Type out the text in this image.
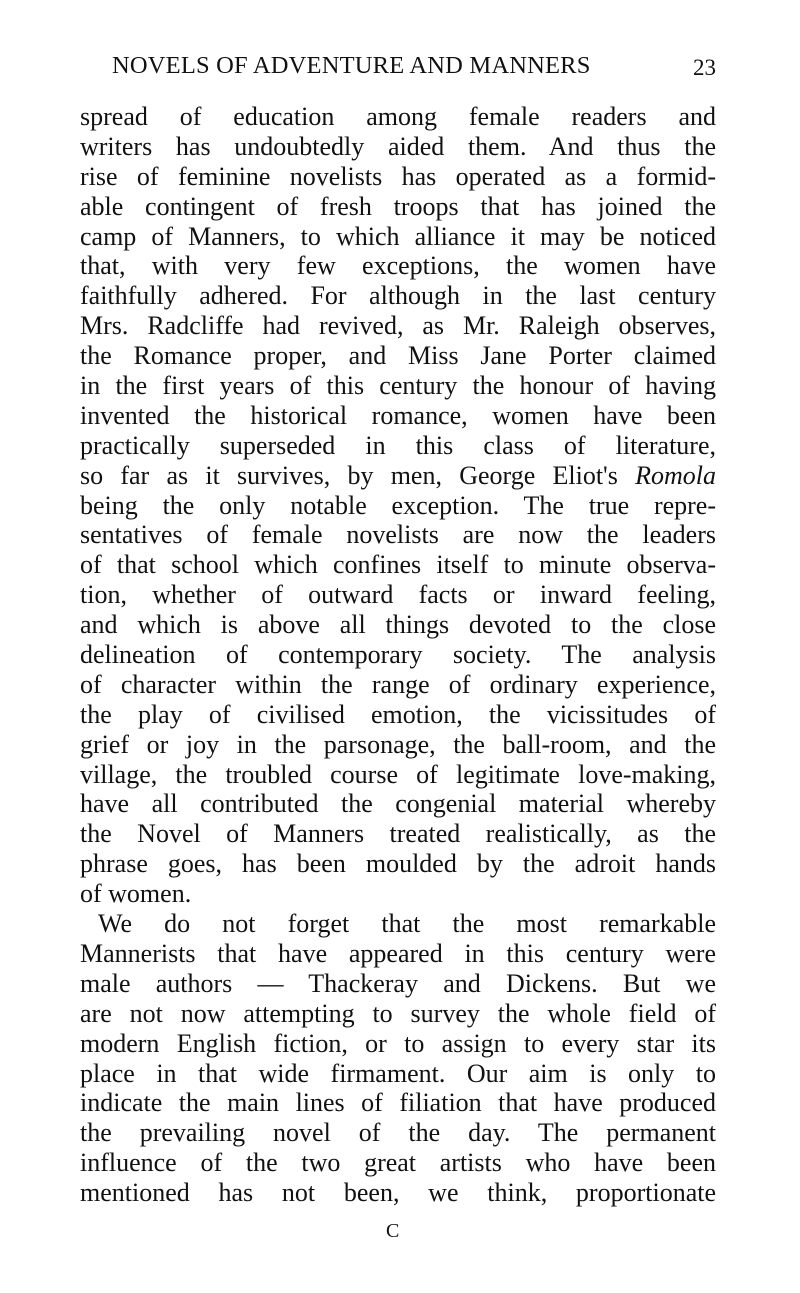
NOVELS OF ADVENTURE AND MANNERS	23
spread of education among female readers and
writers has undoubtedly aided them. And thus the
rise of feminine novelists has operated as a formid-
able contingent of fresh troops that has joined the
camp of Manners, to which alliance it may be noticed
that, with very few exceptions, the women have
faithfully adhered. For although in the last century
Mrs. Radcliffe had revived, as Mr. Raleigh observes,
the Romance proper, and Miss Jane Porter claimed
in the first years of this century the honour of having
invented the historical romance, women have been
practically superseded in this class of literature,
so far as it survives, by men, George Eliot's Romola
being the only notable exception. The true repre-
sentatives of female novelists are now the leaders
of that school which confines itself to minute observa-
tion, whether of outward facts or inward feeling,
and which is above all things devoted to the close
delineation of contemporary society. The analysis
of character within the range of ordinary experience,
the play of civilised emotion, the vicissitudes of
grief or joy in the parsonage, the ball-room, and the
village, the troubled course of legitimate love-making,
have all contributed the congenial material whereby
the Novel of Manners treated realistically, as the
phrase goes, has been moulded by the adroit hands
of women.
We do not forget that the most remarkable
Mannerists that have appeared in this century were
male authors — Thackeray and Dickens. But we
are not now attempting to survey the whole field of
modern English fiction, or to assign to every star its
place in that wide firmament. Our aim is only to
indicate the main lines of filiation that have produced
the prevailing novel of the day. The permanent
influence of the two great artists who have been
mentioned has not been, we think, proportionate
C
